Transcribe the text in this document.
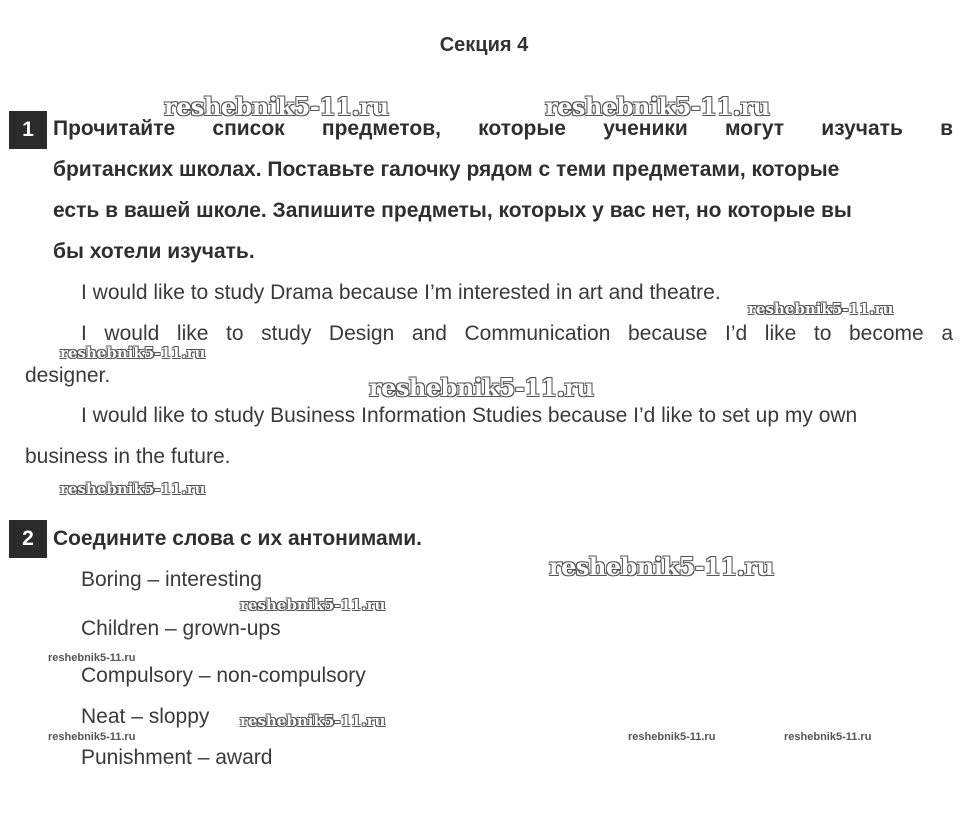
Секция 4
1 Прочитайте список предметов, которые ученики могут изучать в
британских школах. Поставьте галочку рядом с теми предметами, которые
есть в вашей школе. Запишите предметы, которых у вас нет, но которые вы
бы хотели изучать.
I would like to study Drama because I’m interested in art and theatre.
I would like to study Design and Communication because I’d like to become a
designer.
I would like to study Business Information Studies because I’d like to set up my own
business in the future.
2 Соедините слова с их антонимами.
Boring – interesting
Children – grown-ups
Compulsory – non-compulsory
Neat – sloppy
Punishment – award
reshebnik5-11.ru	reshebnik5-11.ru
reshebnik5-11.ru
reshebnik5-11.ru
reshebnik5-11.ru
reshebnik5-11.ru
reshebnik5-11.ru
reshebnik5-11.ru
reshebnik5-11.ru
reshebnik5-11.ru
reshebnik5-11.ru	reshebnik5-11.ru	reshebnik5-11.ru
